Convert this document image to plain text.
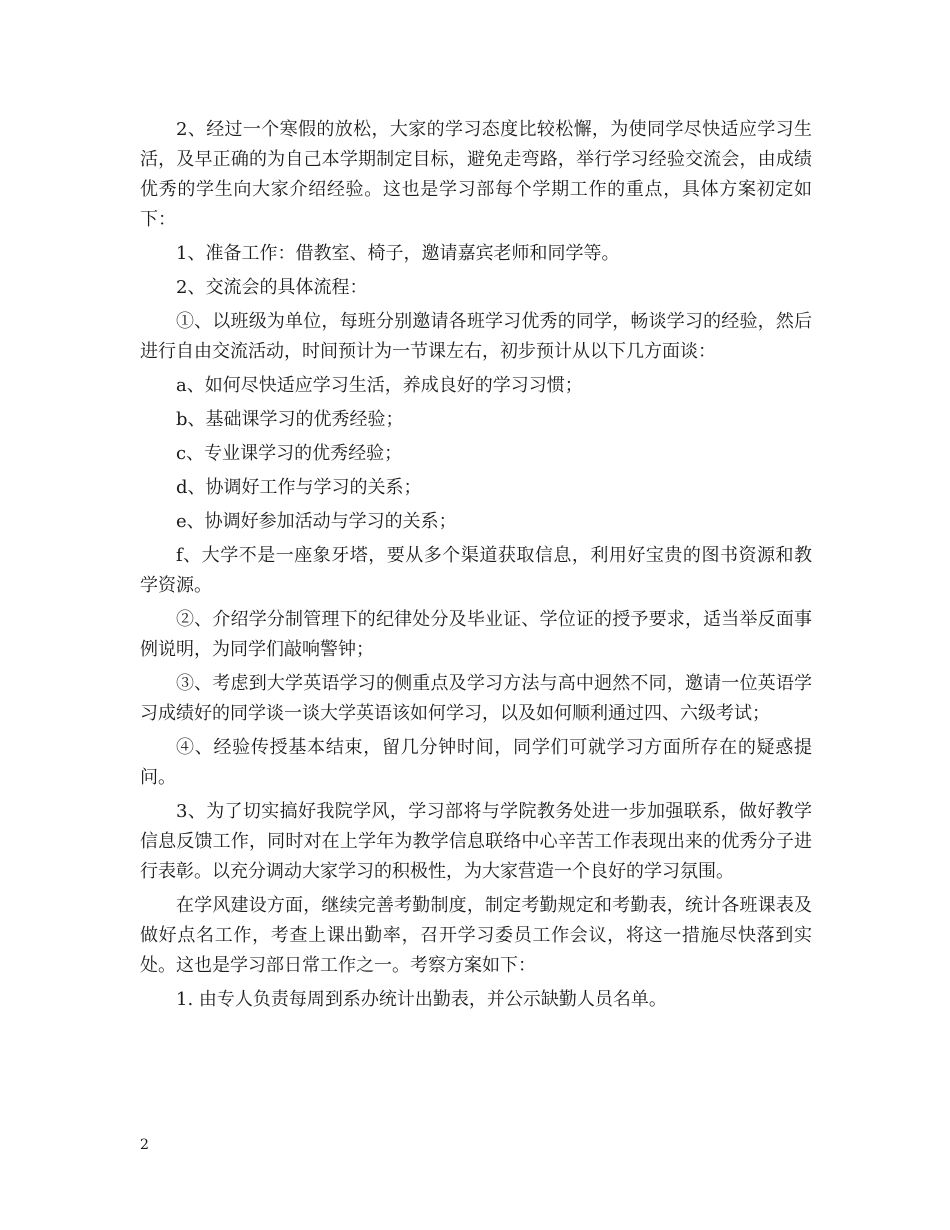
2、经过一个寒假的放松，大家的学习态度比较松懈，为使同学尽快适应学习生活，及早正确的为自己本学期制定目标，避免走弯路，举行学习经验交流会，由成绩优秀的学生向大家介绍经验。这也是学习部每个学期工作的重点，具体方案初定如下：

1、准备工作：借教室、椅子，邀请嘉宾老师和同学等。

2、交流会的具体流程：

①、以班级为单位，每班分别邀请各班学习优秀的同学，畅谈学习的经验，然后进行自由交流活动，时间预计为一节课左右，初步预计从以下几方面谈：

a、如何尽快适应学习生活，养成良好的学习习惯；

b、基础课学习的优秀经验；

c、专业课学习的优秀经验；

d、协调好工作与学习的关系；

e、协调好参加活动与学习的关系；

f、大学不是一座象牙塔，要从多个渠道获取信息，利用好宝贵的图书资源和教学资源。

②、介绍学分制管理下的纪律处分及毕业证、学位证的授予要求，适当举反面事例说明，为同学们敲响警钟；

③、考虑到大学英语学习的侧重点及学习方法与高中迥然不同，邀请一位英语学习成绩好的同学谈一谈大学英语该如何学习，以及如何顺利通过四、六级考试；

④、经验传授基本结束，留几分钟时间，同学们可就学习方面所存在的疑惑提问。

3、为了切实搞好我院学风，学习部将与学院教务处进一步加强联系，做好教学信息反馈工作，同时对在上学年为教学信息联络中心辛苦工作表现出来的优秀分子进行表彰。以充分调动大家学习的积极性，为大家营造一个良好的学习氛围。

在学风建设方面，继续完善考勤制度，制定考勤规定和考勤表，统计各班课表及做好点名工作，考查上课出勤率，召开学习委员工作会议，将这一措施尽快落到实处。这也是学习部日常工作之一。考察方案如下：

1. 由专人负责每周到系办统计出勤表，并公示缺勤人员名单。

2
